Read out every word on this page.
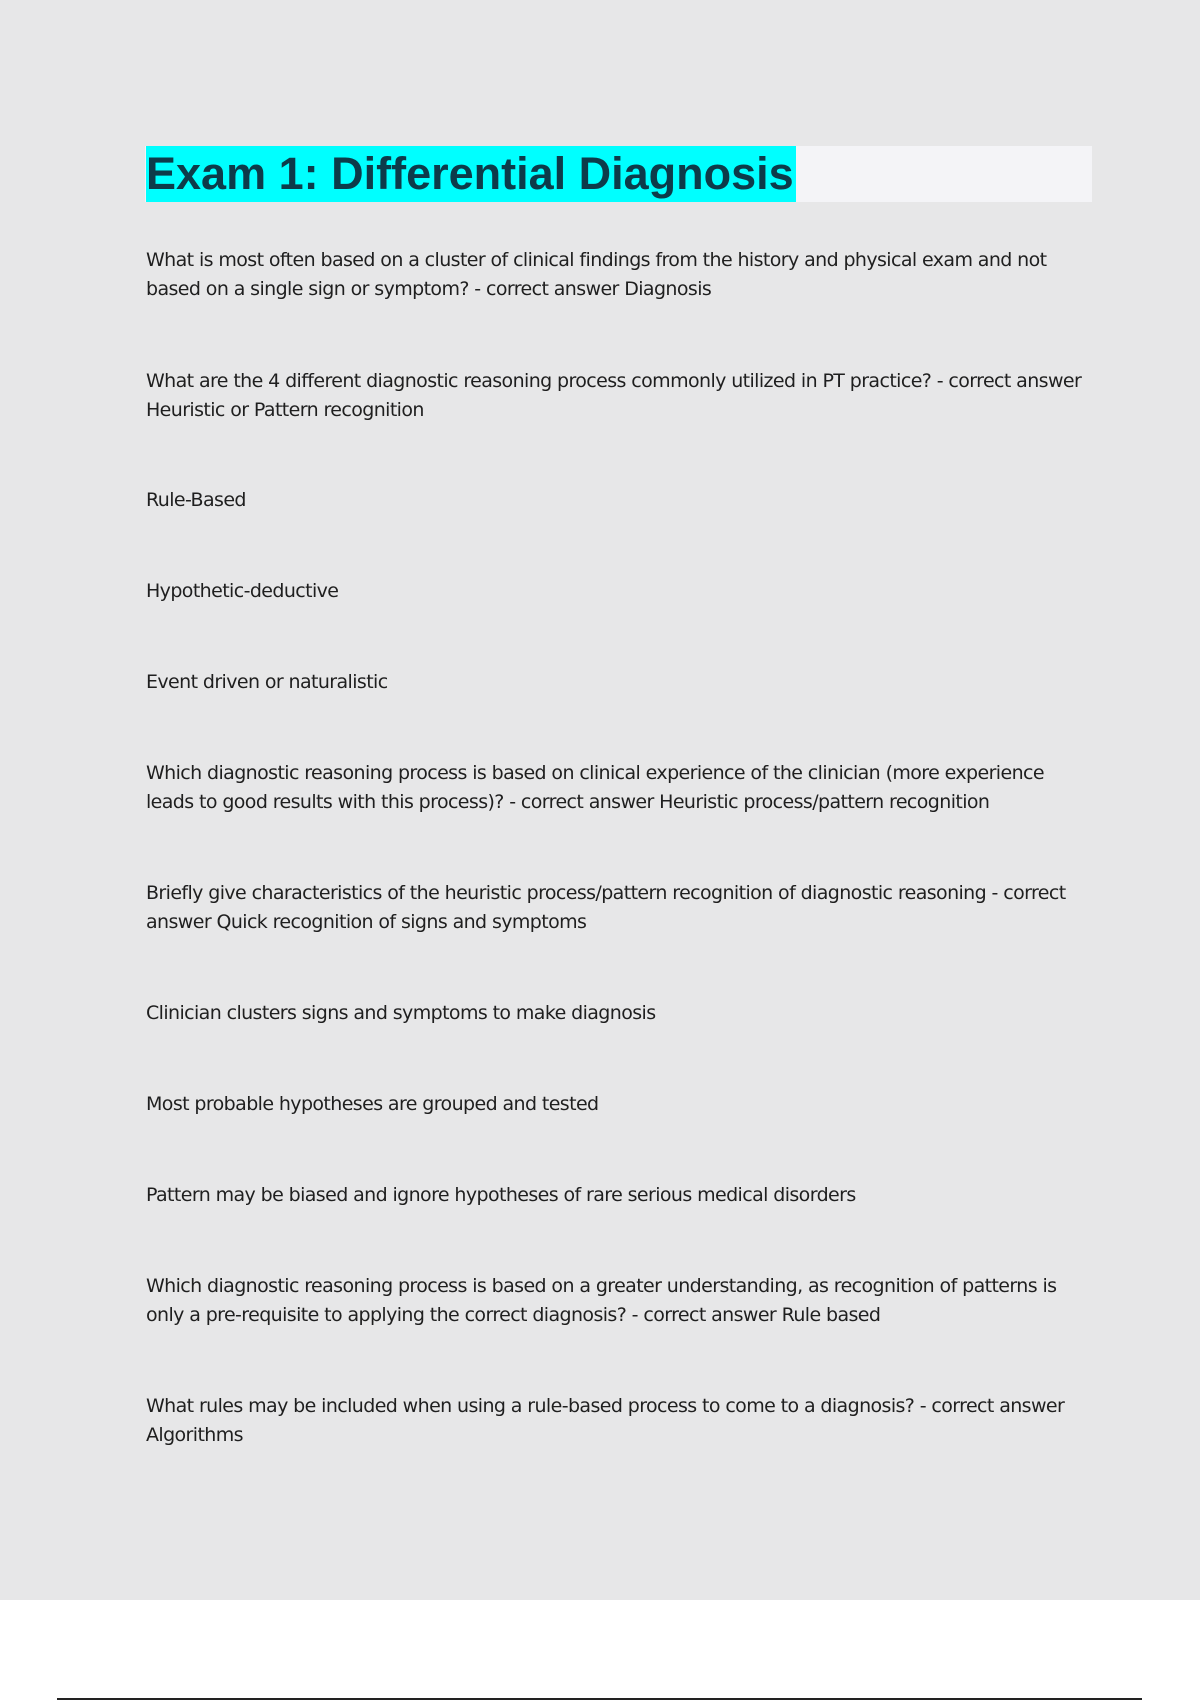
Exam 1: Differential Diagnosis

What is most often based on a cluster of clinical findings from the history and physical exam and not based on a single sign or symptom? - correct answer Diagnosis

What are the 4 different diagnostic reasoning process commonly utilized in PT practice? - correct answer Heuristic or Pattern recognition

Rule-Based

Hypothetic-deductive

Event driven or naturalistic

Which diagnostic reasoning process is based on clinical experience of the clinician (more experience leads to good results with this process)? - correct answer Heuristic process/pattern recognition

Briefly give characteristics of the heuristic process/pattern recognition of diagnostic reasoning - correct answer Quick recognition of signs and symptoms

Clinician clusters signs and symptoms to make diagnosis

Most probable hypotheses are grouped and tested

Pattern may be biased and ignore hypotheses of rare serious medical disorders

Which diagnostic reasoning process is based on a greater understanding, as recognition of patterns is only a pre-requisite to applying the correct diagnosis? - correct answer Rule based

What rules may be included when using a rule-based process to come to a diagnosis? - correct answer Algorithms
